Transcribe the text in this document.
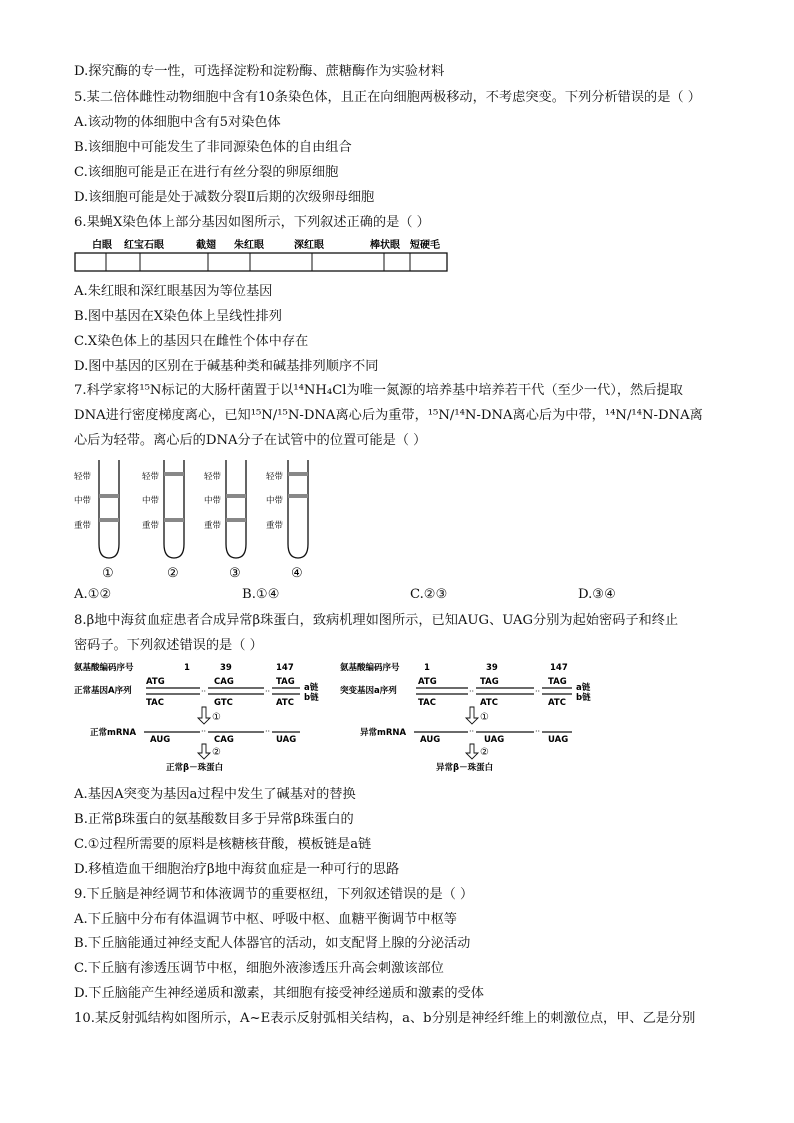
D.探究酶的专一性，可选择淀粉和淀粉酶、蔗糖酶作为实验材料
5.某二倍体雌性动物细胞中含有10条染色体，且正在向细胞两极移动，不考虑突变。下列分析错误的是（ ）
A.该动物的体细胞中含有5对染色体
B.该细胞中可能发生了非同源染色体的自由组合
C.该细胞可能是正在进行有丝分裂的卵原细胞
D.该细胞可能是处于减数分裂Ⅱ后期的次级卵母细胞
6.果蝇X染色体上部分基因如图所示，下列叙述正确的是（ ）
白眼 红宝石眼	截翅 朱红眼	深红眼	棒状眼 短硬毛
A.朱红眼和深红眼基因为等位基因
B.图中基因在X染色体上呈线性排列
C.X染色体上的基因只在雌性个体中存在
D.图中基因的区别在于碱基种类和碱基排列顺序不同
7.科学家将¹⁵N标记的大肠杆菌置于以¹⁴NH₄Cl为唯一氮源的培养基中培养若干代（至少一代），然后提取
DNA进行密度梯度离心，已知¹⁵N/¹⁵N-DNA离心后为重带，¹⁵N/¹⁴N-DNA离心后为中带，¹⁴N/¹⁴N-DNA离
心后为轻带。离心后的DNA分子在试管中的位置可能是（ ）
轻带
中带
重带
①
轻带
中带
重带
②
轻带
中带
重带
③
轻带
中带
重带
④
A.①②	B.①④	C.②③	D.③④
8.β地中海贫血症患者合成异常β珠蛋白，致病机理如图所示，已知AUG、UAG分别为起始密码子和终止
密码子。下列叙述错误的是（ ）
氨基酸编码序号	1	39	147
ATG	CAG	TAG
正常基因A序列	··	··	a链
b链
TAC	GTC	ATC
①
正常mRNA	··	··
AUG	CAG	UAG
②
正常β－珠蛋白
氨基酸编码序号	1	39	147
ATG	TAG	TAG
突变基因a序列	··	··	a链
b链
TAC	ATC	ATC
①
异常mRNA	··	··
AUG	UAG	UAG
②
异常β－珠蛋白
A.基因A突变为基因a过程中发生了碱基对的替换
B.正常β珠蛋白的氨基酸数目多于异常β珠蛋白的
C.①过程所需要的原料是核糖核苷酸，模板链是a链
D.移植造血干细胞治疗β地中海贫血症是一种可行的思路
9.下丘脑是神经调节和体液调节的重要枢纽，下列叙述错误的是（ ）
A.下丘脑中分布有体温调节中枢、呼吸中枢、血糖平衡调节中枢等
B.下丘脑能通过神经支配人体器官的活动，如支配肾上腺的分泌活动
C.下丘脑有渗透压调节中枢，细胞外液渗透压升高会刺激该部位
D.下丘脑能产生神经递质和激素，其细胞有接受神经递质和激素的受体
10.某反射弧结构如图所示，A~E表示反射弧相关结构，a、b分别是神经纤维上的刺激位点，甲、乙是分别
